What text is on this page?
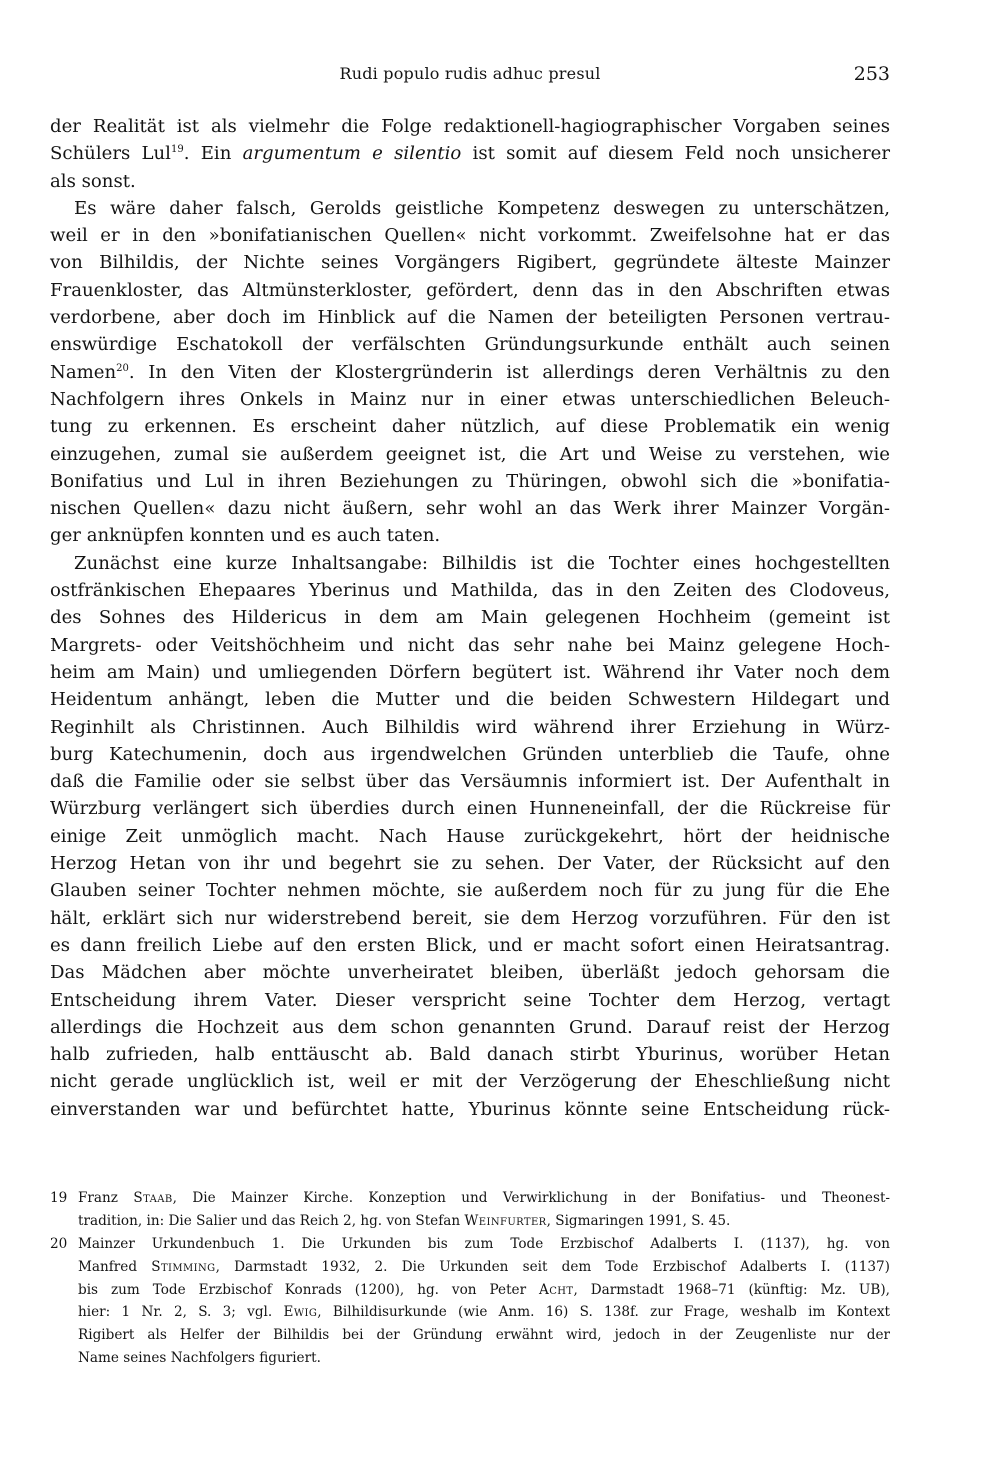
Rudi populo rudis adhuc presul	253
der Realität ist als vielmehr die Folge redaktionell-hagiographischer Vorgaben seines
Schülers Lul$^{19}$. Ein argumentum e silentio ist somit auf diesem Feld noch unsicherer
als sonst.
Es wäre daher falsch, Gerolds geistliche Kompetenz deswegen zu unterschätzen,
weil er in den »bonifatianischen Quellen« nicht vorkommt. Zweifelsohne hat er das
von Bilhildis, der Nichte seines Vorgängers Rigibert, gegründete älteste Mainzer
Frauenkloster, das Altmünsterkloster, gefördert, denn das in den Abschriften etwas
verdorbene, aber doch im Hinblick auf die Namen der beteiligten Personen vertrau-
enswürdige Eschatokoll der verfälschten Gründungsurkunde enthält auch seinen
Namen$^{20}$. In den Viten der Klostergründerin ist allerdings deren Verhältnis zu den
Nachfolgern ihres Onkels in Mainz nur in einer etwas unterschiedlichen Beleuch-
tung zu erkennen. Es erscheint daher nützlich, auf diese Problematik ein wenig
einzugehen, zumal sie außerdem geeignet ist, die Art und Weise zu verstehen, wie
Bonifatius und Lul in ihren Beziehungen zu Thüringen, obwohl sich die »bonifatia-
nischen Quellen« dazu nicht äußern, sehr wohl an das Werk ihrer Mainzer Vorgän-
ger anknüpfen konnten und es auch taten.
Zunächst eine kurze Inhaltsangabe: Bilhildis ist die Tochter eines hochgestellten
ostfränkischen Ehepaares Yberinus und Mathilda, das in den Zeiten des Clodoveus,
des Sohnes des Hildericus in dem am Main gelegenen Hochheim (gemeint ist
Margrets- oder Veitshöchheim und nicht das sehr nahe bei Mainz gelegene Hoch-
heim am Main) und umliegenden Dörfern begütert ist. Während ihr Vater noch dem
Heidentum anhängt, leben die Mutter und die beiden Schwestern Hildegart und
Reginhilt als Christinnen. Auch Bilhildis wird während ihrer Erziehung in Würz-
burg Katechumenin, doch aus irgendwelchen Gründen unterblieb die Taufe, ohne
daß die Familie oder sie selbst über das Versäumnis informiert ist. Der Aufenthalt in
Würzburg verlängert sich überdies durch einen Hunneneinfall, der die Rückreise für
einige Zeit unmöglich macht. Nach Hause zurückgekehrt, hört der heidnische
Herzog Hetan von ihr und begehrt sie zu sehen. Der Vater, der Rücksicht auf den
Glauben seiner Tochter nehmen möchte, sie außerdem noch für zu jung für die Ehe
hält, erklärt sich nur widerstrebend bereit, sie dem Herzog vorzuführen. Für den ist
es dann freilich Liebe auf den ersten Blick, und er macht sofort einen Heiratsantrag.
Das Mädchen aber möchte unverheiratet bleiben, überläßt jedoch gehorsam die
Entscheidung ihrem Vater. Dieser verspricht seine Tochter dem Herzog, vertagt
allerdings die Hochzeit aus dem schon genannten Grund. Darauf reist der Herzog
halb zufrieden, halb enttäuscht ab. Bald danach stirbt Yburinus, worüber Hetan
nicht gerade unglücklich ist, weil er mit der Verzögerung der Eheschließung nicht
einverstanden war und befürchtet hatte, Yburinus könnte seine Entscheidung rück-
19 Franz Staab, Die Mainzer Kirche. Konzeption und Verwirklichung in der Bonifatius- und Theonest-
tradition, in: Die Salier und das Reich 2, hg. von Stefan Weinfurter, Sigmaringen 1991, S. 45.
20 Mainzer Urkundenbuch 1. Die Urkunden bis zum Tode Erzbischof Adalberts I. (1137), hg. von
Manfred Stimming, Darmstadt 1932, 2. Die Urkunden seit dem Tode Erzbischof Adalberts I. (1137)
bis zum Tode Erzbischof Konrads (1200), hg. von Peter Acht, Darmstadt 1968–71 (künftig: Mz. UB),
hier: 1 Nr. 2, S. 3; vgl. Ewig, Bilhildisurkunde (wie Anm. 16) S. 138f. zur Frage, weshalb im Kontext
Rigibert als Helfer der Bilhildis bei der Gründung erwähnt wird, jedoch in der Zeugenliste nur der
Name seines Nachfolgers figuriert.
